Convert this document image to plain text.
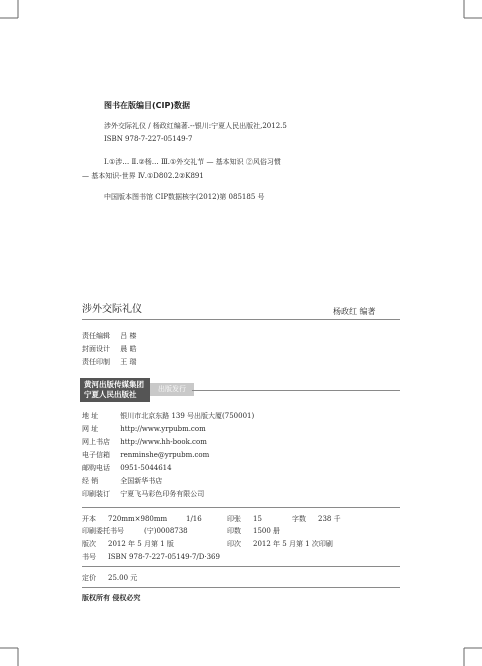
图书在版编目(CIP)数据
涉外交际礼仪 / 杨政红编著.--银川:宁夏人民出版社,2012.5
ISBN 978-7-227-05149-7
Ⅰ.①涉… Ⅱ.②杨… Ⅲ.①外交礼节 — 基本知识 ②风俗习惯
— 基本知识-世界 Ⅳ.①D802.2②K891
中国版本图书馆 CIP数据核字(2012)第 085185 号
涉外交际礼仪	杨政红 编著
责任编辑 吕 榛
封面设计 晨 皓
责任印制 王 瑞
黄河出版传媒集团
宁夏人民出版社
出版发行
地 址	银川市北京东路 139 号出版大厦(750001)
网 址	http://www.yrpubm.com
网上书店 http://www.hh-book.com
电子信箱 renminshe@yrpubm.com
邮购电话 0951-5044614
经 销	全国新华书店
印刷装订 宁夏飞马彩色印务有限公司
开本 720mm×980mm	1/16	印张 15	字数 238 千
印刷委托书号	(宁)0008738	印数 1500 册
版次 2012 年 5 月第 1 版	印次 2012 年 5 月第 1 次印刷
书号 ISBN 978-7-227-05149-7/D·369
定价 25.00 元
版权所有 侵权必究
